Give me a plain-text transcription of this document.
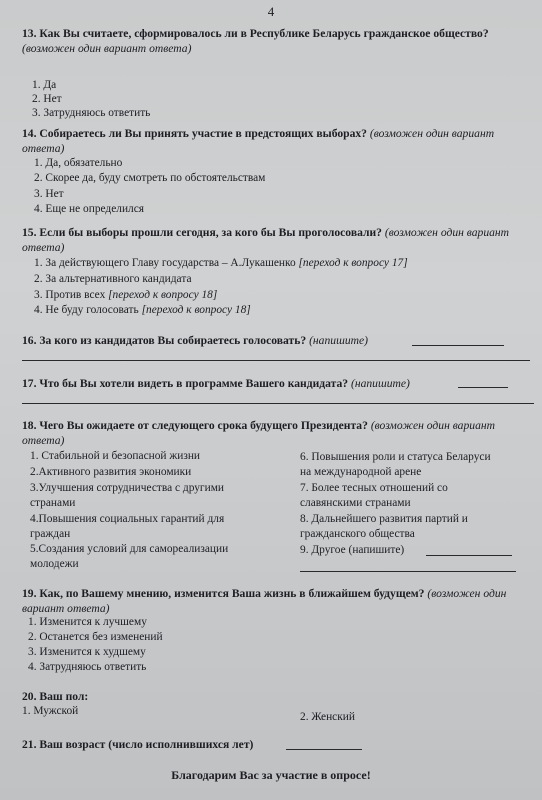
4
13. Как Вы считаете, сформировалось ли в Республике Беларусь гражданское общество? (возможен один вариант ответа)
1. Да
2. Нет
3. Затрудняюсь ответить
14. Собираетесь ли Вы принять участие в предстоящих выборах? (возможен один вариант ответа)
1. Да, обязательно
2. Скорее да, буду смотреть по обстоятельствам
3. Нет
4. Еще не определился
15. Если бы выборы прошли сегодня, за кого бы Вы проголосовали? (возможен один вариант ответа)
1. За действующего Главу государства – А.Лукашенко [переход к вопросу 17]
2. За альтернативного кандидата
3. Против всех [переход к вопросу 18]
4. Не буду голосовать [переход к вопросу 18]
16. За кого из кандидатов Вы собираетесь голосовать? (напишите)
17. Что бы Вы хотели видеть в программе Вашего кандидата? (напишите)
18. Чего Вы ожидаете от следующего срока будущего Президента? (возможен один вариант ответа)
1. Стабильной и безопасной жизни
2.Активного развития экономики
3.Улучшения сотрудничества с другими
странами
4.Повышения социальных гарантий для
граждан
5.Создания условий для самореализации
молодежи
6. Повышения роли и статуса Беларуси
на международной арене
7. Более тесных отношений со
славянскими странами
8. Дальнейшего развития партий и
гражданского общества
9. Другое (напишите)
19. Как, по Вашему мнению, изменится Ваша жизнь в ближайшем будущем? (возможен один вариант ответа)
1. Изменится к лучшему
2. Останется без изменений
3. Изменится к худшему
4. Затрудняюсь ответить
20. Ваш пол:
1. Мужской	2. Женский
21. Ваш возраст (число исполнившихся лет)
Благодарим Вас за участие в опросе!
